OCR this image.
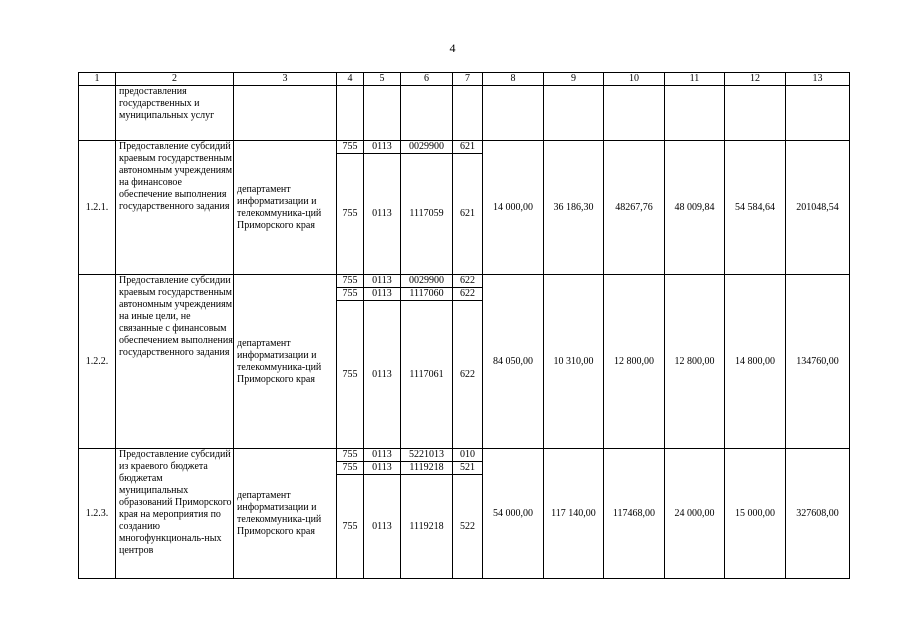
4
1	2	3	4	5	6	7	8	9	10	11	12	13
	предоставления государственных и муниципальных услуг											
1.2.1.	Предоставление субсидий краевым государственным автономным учреждениям на финансовое обеспечение выполнения государственного задания	департамент информатизации и телекоммуника-ций Приморского края	755	0113	0029900	621	14 000,00	36 186,30	48267,76	48 009,84	54 584,64	201048,54
			755	0113	1117059	621						
1.2.2.	Предоставление субсидии краевым государственным автономным учреждениям на иные цели, не связанные с финансовым обеспечением выполнения государственного задания	департамент информатизации и телекоммуника-ций Приморского края	755	0113	0029900	622	84 050,00	10 310,00	12 800,00	12 800,00	14 800,00	134760,00
			755	0113	1117060	622						
			755	0113	1117061	622						
1.2.3.	Предоставление субсидий из краевого бюджета бюджетам муниципальных образований Приморского края на мероприятия по созданию многофункциональ-ных центров	департамент информатизации и телекоммуника-ций Приморского края	755	0113	5221013	010	54 000,00	117 140,00	117468,00	24 000,00	15 000,00	327608,00
			755	0113	1119218	521						
			755	0113	1119218	522						
